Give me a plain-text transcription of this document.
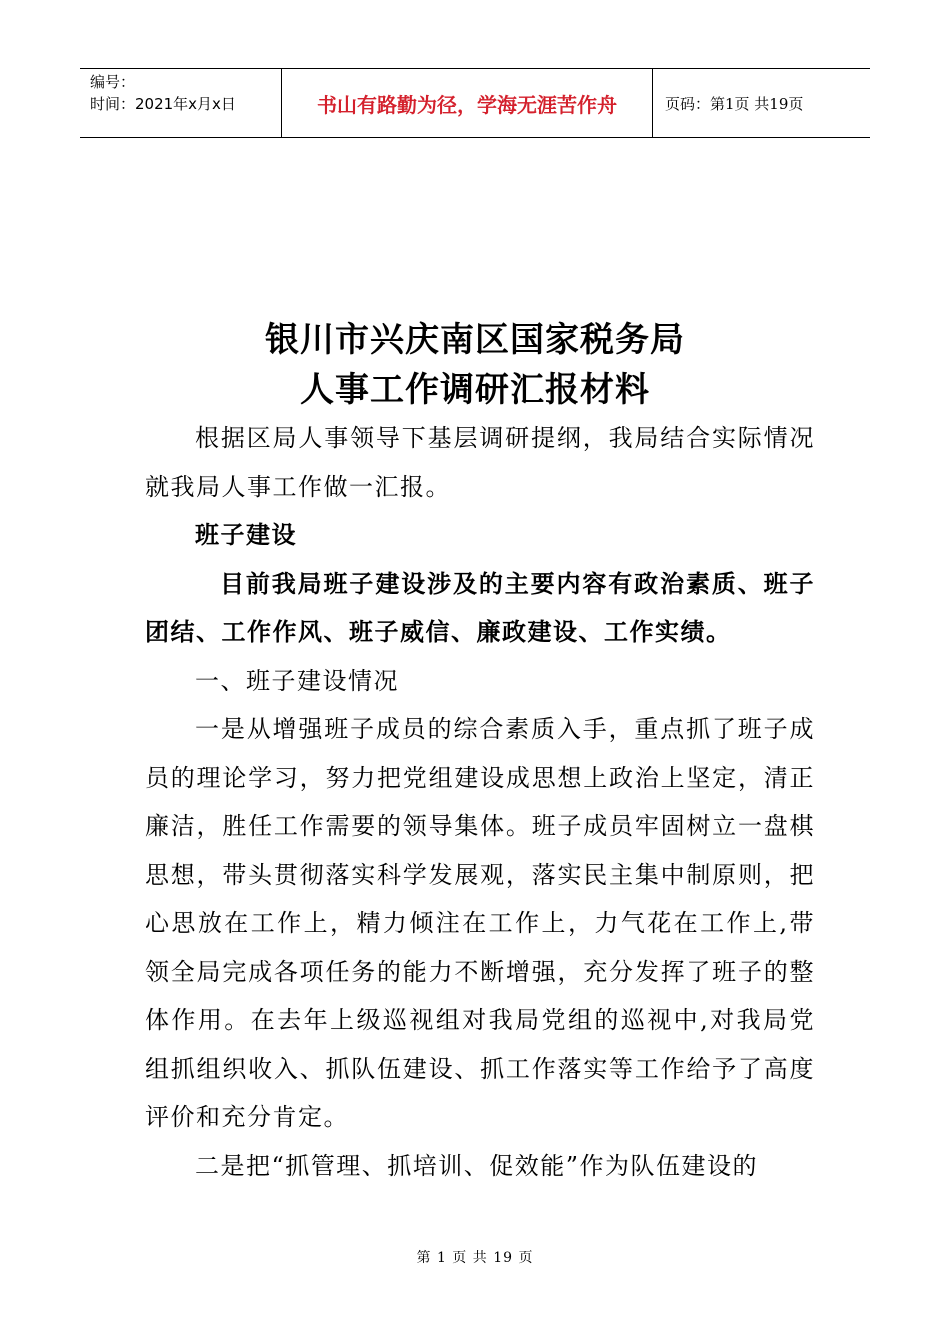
编号：
时间：2021年x月x日	书山有路勤为径，学海无涯苦作舟	页码：第1页 共19页
银川市兴庆南区国家税务局
人事工作调研汇报材料

根据区局人事领导下基层调研提纲，我局结合实际情况就我局人事工作做一汇报。

班子建设

目前我局班子建设涉及的主要内容有政治素质、班子团结、工作作风、班子威信、廉政建设、工作实绩。

一、班子建设情况

一是从增强班子成员的综合素质入手，重点抓了班子成员的理论学习，努力把党组建设成思想上政治上坚定，清正廉洁，胜任工作需要的领导集体。班子成员牢固树立一盘棋思想，带头贯彻落实科学发展观，落实民主集中制原则，把心思放在工作上，精力倾注在工作上，力气花在工作上,带领全局完成各项任务的能力不断增强，充分发挥了班子的整体作用。在去年上级巡视组对我局党组的巡视中,对我局党组抓组织收入、抓队伍建设、抓工作落实等工作给予了高度评价和充分肯定。

二是把“抓管理、抓培训、促效能”作为队伍建设的

第 1 页 共 19 页
